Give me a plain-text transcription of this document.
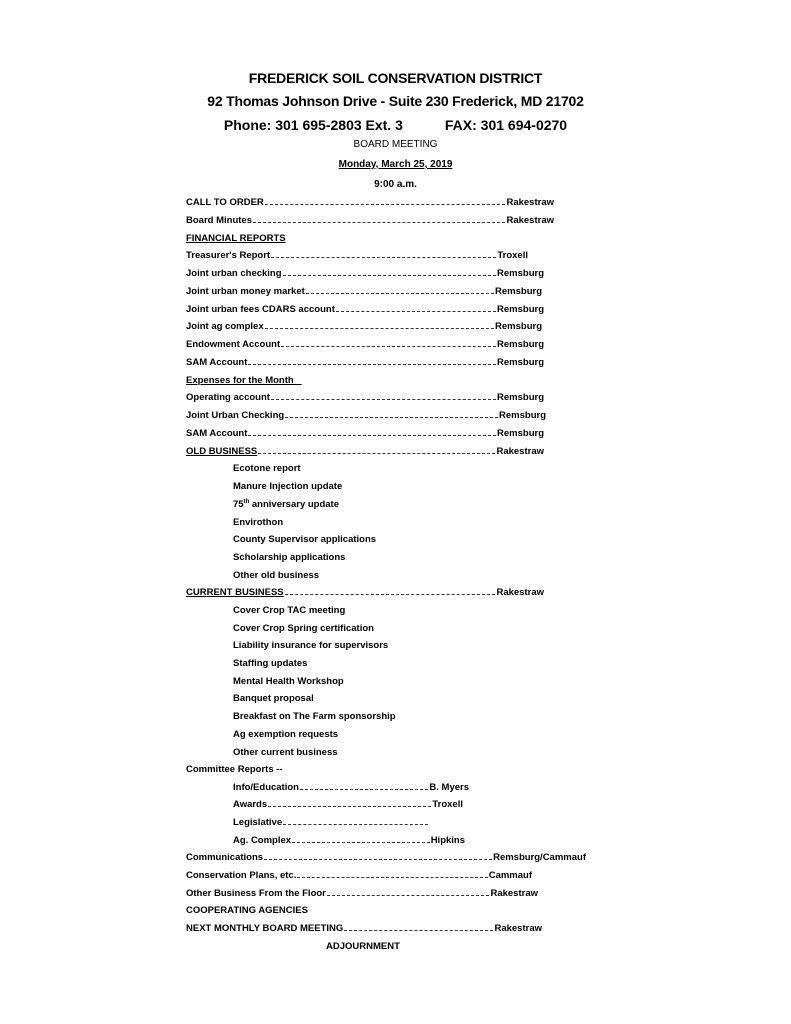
FREDERICK SOIL CONSERVATION DISTRICT
92 Thomas Johnson Drive - Suite 230 Frederick, MD 21702
Phone: 301 695-2803 Ext. 3	FAX: 301 694-0270
BOARD MEETING
Monday, March 25, 2019
9:00 a.m.
CALL TO ORDER	Rakestraw
Board Minutes	Rakestraw
FINANCIAL REPORTS
Treasurer's Report	Troxell
Joint urban checking	Remsburg
Joint urban money market	Remsburg
Joint urban fees CDARS account	Remsburg
Joint ag complex	Remsburg
Endowment Account	Remsburg
SAM Account	Remsburg
Expenses for the Month
Operating account	Remsburg
Joint Urban Checking	Remsburg
SAM Account	Remsburg
OLD BUSINESS	Rakestraw
Ecotone report
Manure Injection update
75th anniversary update
Envirothon
County Supervisor applications
Scholarship applications
Other old business
CURRENT BUSINESS	Rakestraw
Cover Crop TAC meeting
Cover Crop Spring certification
Liability insurance for supervisors
Staffing updates
Mental Health Workshop
Banquet proposal
Breakfast on The Farm sponsorship
Ag exemption requests
Other current business
Committee Reports --
Info/Education	B. Myers
Awards	Troxell
Legislative
Ag. Complex	Hipkins
Communications	Remsburg/Cammauf
Conservation Plans, etc.	Cammauf
Other Business From the Floor	Rakestraw
COOPERATING AGENCIES
NEXT MONTHLY BOARD MEETING	Rakestraw
ADJOURNMENT
